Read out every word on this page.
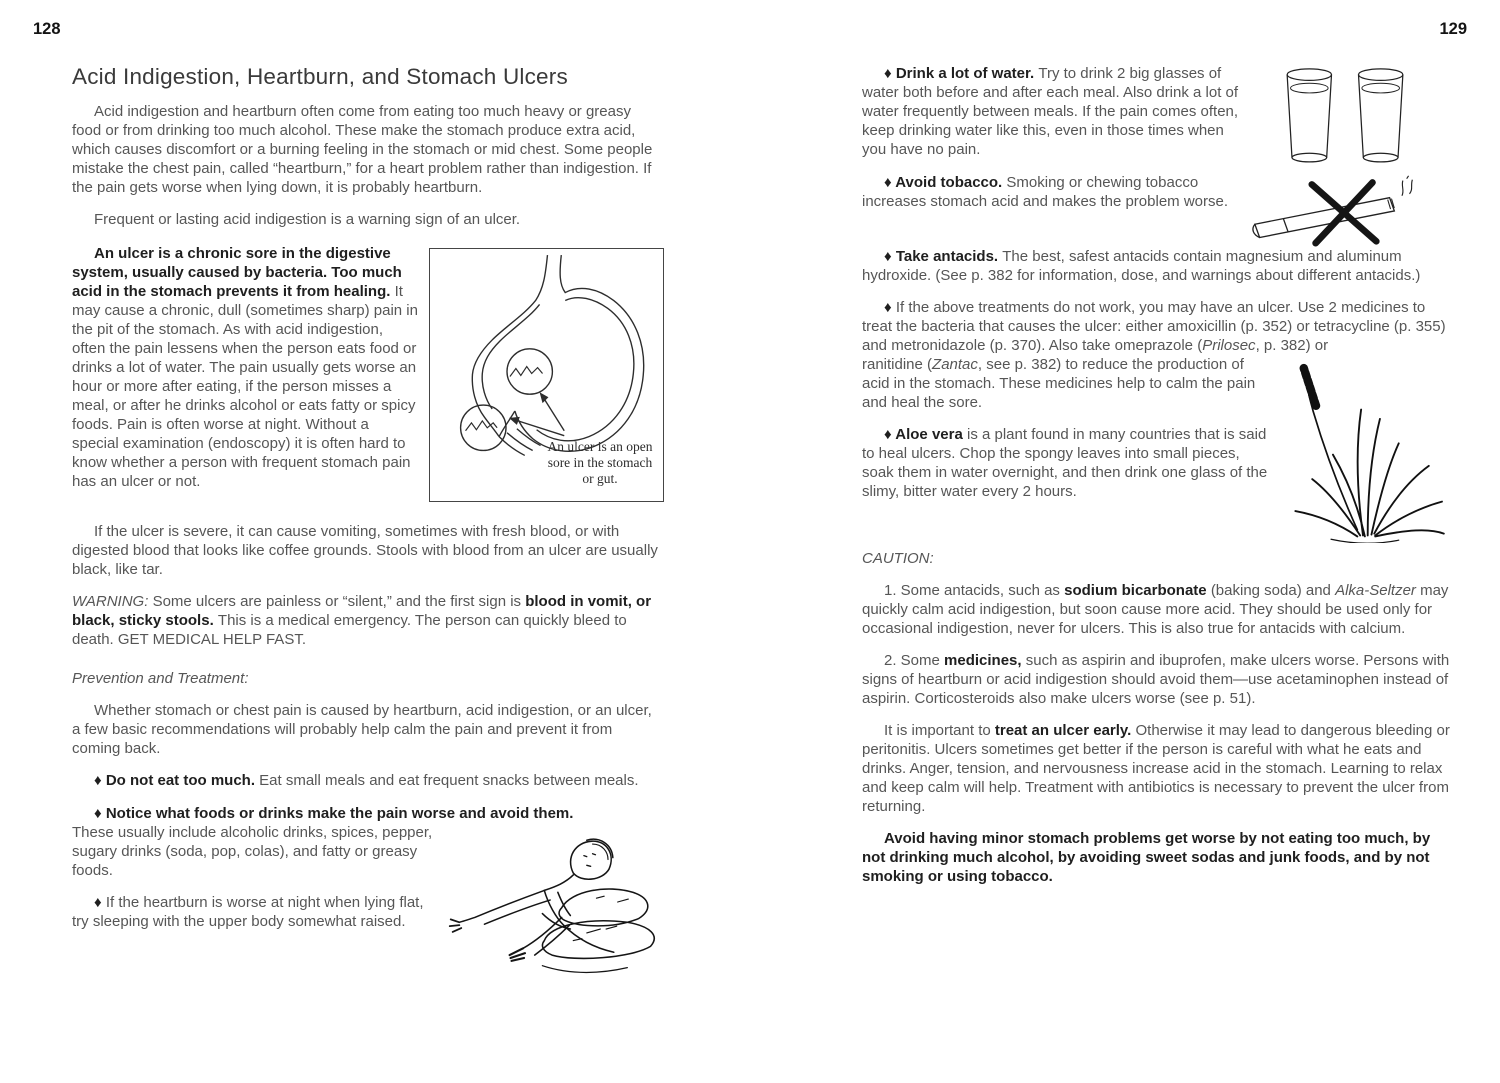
128	129
Acid Indigestion, Heartburn, and Stomach Ulcers

Acid indigestion and heartburn often come from eating too much heavy or greasy food or from drinking too much alcohol. These make the stomach produce extra acid, which causes discomfort or a burning feeling in the stomach or mid chest. Some people mistake the chest pain, called “heartburn,” for a heart problem rather than indigestion. If the pain gets worse when lying down, it is probably heartburn.

Frequent or lasting acid indigestion is a warning sign of an ulcer.

An ulcer is an open sore in the stomach or gut.

An ulcer is a chronic sore in the digestive system, usually caused by bacteria. Too much acid in the stomach prevents it from healing. It may cause a chronic, dull (sometimes sharp) pain in the pit of the stomach. As with acid indigestion, often the pain lessens when the person eats food or drinks a lot of water. The pain usually gets worse an hour or more after eating, if the person misses a meal, or after he drinks alcohol or eats fatty or spicy foods. Pain is often worse at night. Without a special examination (endoscopy) it is often hard to know whether a person with frequent stomach pain has an ulcer or not.

If the ulcer is severe, it can cause vomiting, sometimes with fresh blood, or with digested blood that looks like coffee grounds. Stools with blood from an ulcer are usually black, like tar.

WARNING: Some ulcers are painless or “silent,” and the first sign is blood in vomit, or black, sticky stools. This is a medical emergency. The person can quickly bleed to death. GET MEDICAL HELP FAST.

Prevention and Treatment:

Whether stomach or chest pain is caused by heartburn, acid indigestion, or an ulcer, a few basic recommendations will probably help calm the pain and prevent it from coming back.

♦ Do not eat too much. Eat small meals and eat frequent snacks between meals.

♦ Notice what foods or drinks make the pain worse and avoid them.

These usually include alcoholic drinks, spices, pepper, sugary drinks (soda, pop, colas), and fatty or greasy foods.

♦ If the heartburn is worse at night when lying flat, try sleeping with the upper body somewhat raised.

♦ Drink a lot of water. Try to drink 2 big glasses of water both before and after each meal. Also drink a lot of water frequently between meals. If the pain comes often, keep drinking water like this, even in those times when you have no pain.

♦ Avoid tobacco. Smoking or chewing tobacco increases stomach acid and makes the problem worse.

♦ Take antacids. The best, safest antacids contain magnesium and aluminum hydroxide. (See p. 382 for information, dose, and warnings about different antacids.)

♦ If the above treatments do not work, you may have an ulcer. Use 2 medicines to treat the bacteria that causes the ulcer: either amoxicillin (p. 352) or tetracycline (p. 355) and metronidazole (p. 370). Also take omeprazole (Prilosec, p. 382) or

ranitidine (Zantac, see p. 382) to reduce the production of acid in the stomach. These medicines help to calm the pain and heal the sore.

♦ Aloe vera is a plant found in many countries that is said to heal ulcers. Chop the spongy leaves into small pieces, soak them in water overnight, and then drink one glass of the slimy, bitter water every 2 hours.

CAUTION:

1. Some antacids, such as sodium bicarbonate (baking soda) and Alka-Seltzer may quickly calm acid indigestion, but soon cause more acid. They should be used only for occasional indigestion, never for ulcers. This is also true for antacids with calcium.

2. Some medicines, such as aspirin and ibuprofen, make ulcers worse. Persons with signs of heartburn or acid indigestion should avoid them—use acetaminophen instead of aspirin. Corticosteroids also make ulcers worse (see p. 51).

It is important to treat an ulcer early. Otherwise it may lead to dangerous bleeding or peritonitis. Ulcers sometimes get better if the person is careful with what he eats and drinks. Anger, tension, and nervousness increase acid in the stomach. Learning to relax and keep calm will help. Treatment with antibiotics is necessary to prevent the ulcer from returning.

Avoid having minor stomach problems get worse by not eating too much, by not drinking much alcohol, by avoiding sweet sodas and junk foods, and by not smoking or using tobacco.
